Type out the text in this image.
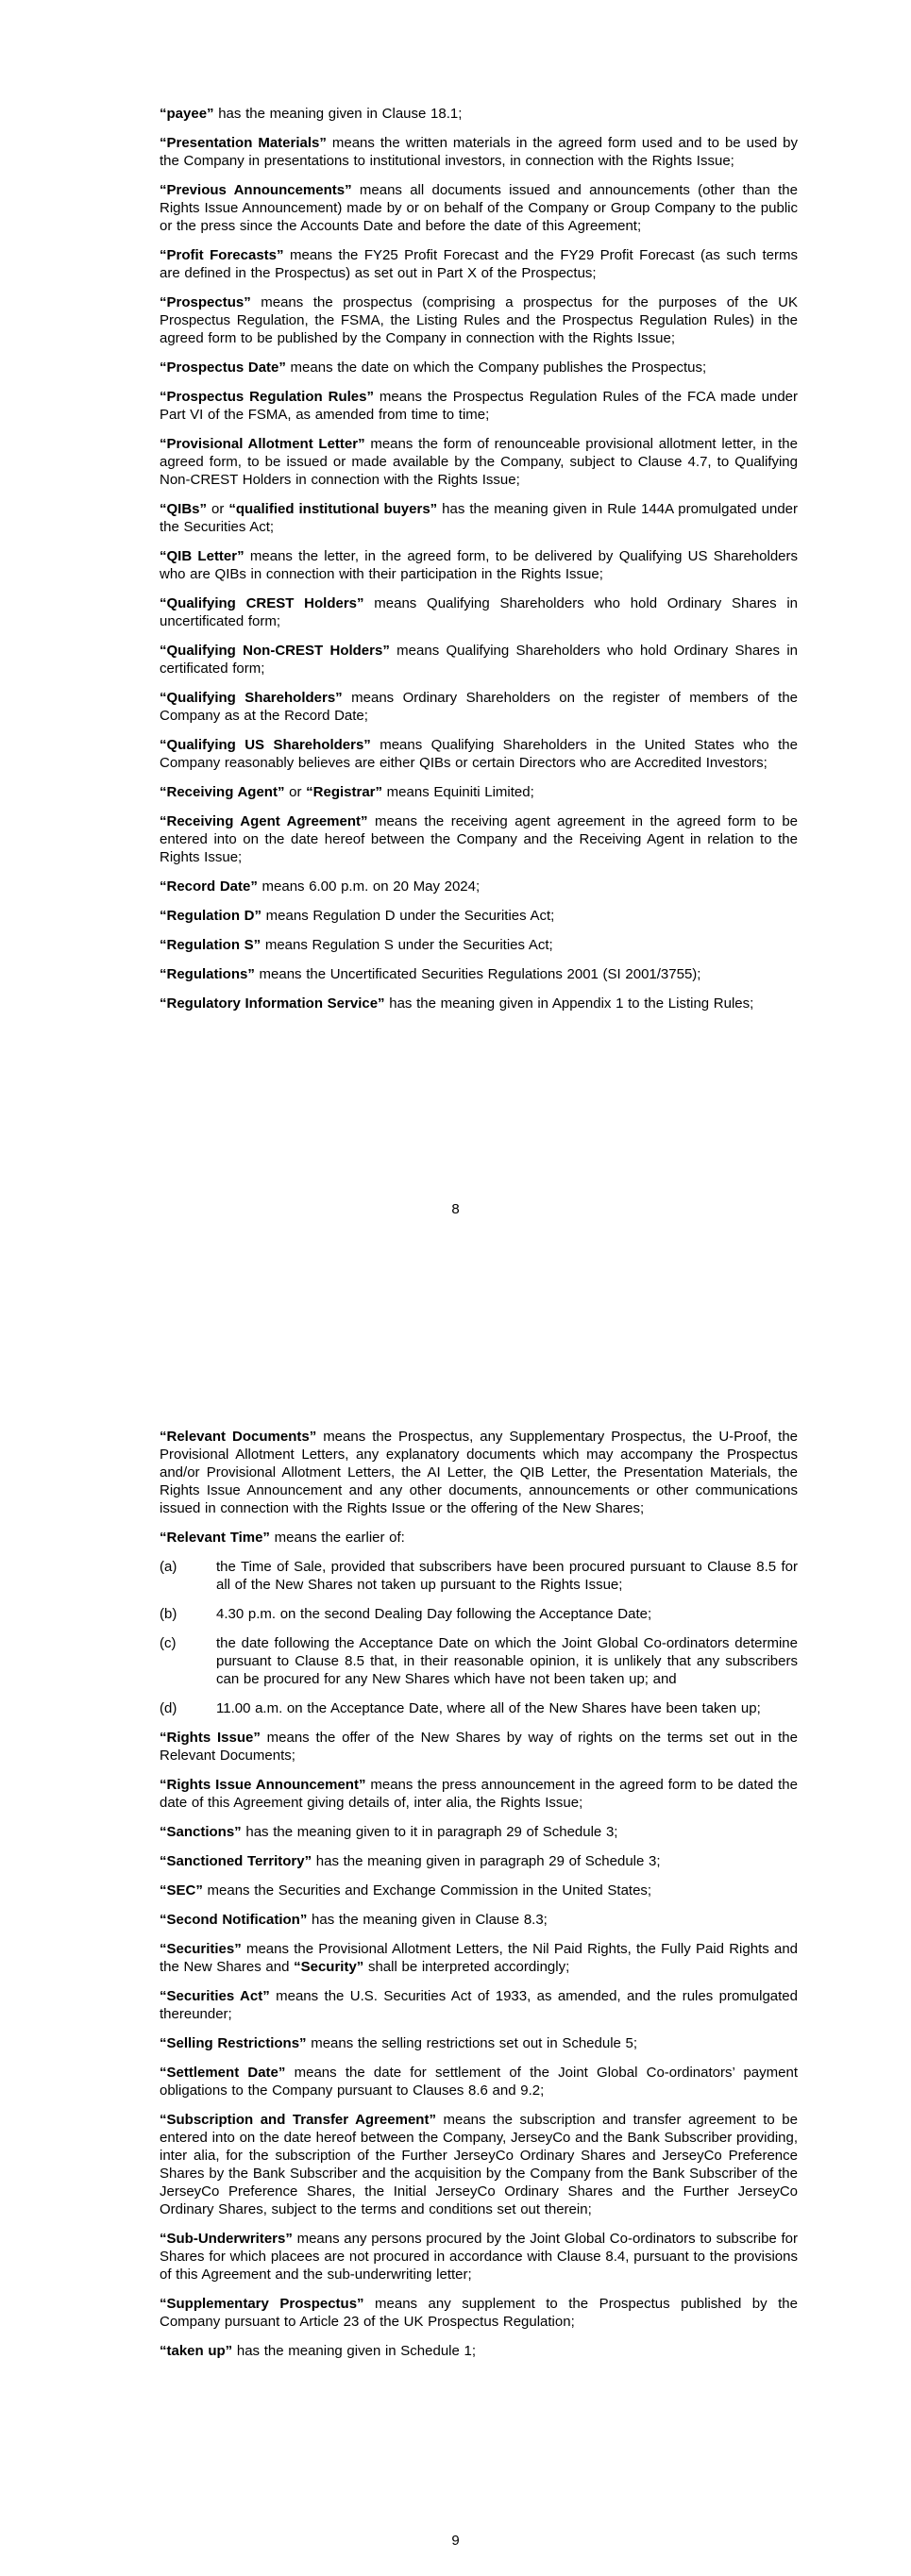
“payee” has the meaning given in Clause 18.1;

“Presentation Materials” means the written materials in the agreed form used and to be used by the Company in presentations to institutional investors, in connection with the Rights Issue;

“Previous Announcements” means all documents issued and announcements (other than the Rights Issue Announcement) made by or on behalf of the Company or Group Company to the public or the press since the Accounts Date and before the date of this Agreement;

“Profit Forecasts” means the FY25 Profit Forecast and the FY29 Profit Forecast (as such terms are defined in the Prospectus) as set out in Part X of the Prospectus;

“Prospectus” means the prospectus (comprising a prospectus for the purposes of the UK Prospectus Regulation, the FSMA, the Listing Rules and the Prospectus Regulation Rules) in the agreed form to be published by the Company in connection with the Rights Issue;

“Prospectus Date” means the date on which the Company publishes the Prospectus;

“Prospectus Regulation Rules” means the Prospectus Regulation Rules of the FCA made under Part VI of the FSMA, as amended from time to time;

“Provisional Allotment Letter” means the form of renounceable provisional allotment letter, in the agreed form, to be issued or made available by the Company, subject to Clause 4.7, to Qualifying Non-CREST Holders in connection with the Rights Issue;

“QIBs” or “qualified institutional buyers” has the meaning given in Rule 144A promulgated under the Securities Act;

“QIB Letter” means the letter, in the agreed form, to be delivered by Qualifying US Shareholders who are QIBs in connection with their participation in the Rights Issue;

“Qualifying CREST Holders” means Qualifying Shareholders who hold Ordinary Shares in uncertificated form;

“Qualifying Non-CREST Holders” means Qualifying Shareholders who hold Ordinary Shares in certificated form;

“Qualifying Shareholders” means Ordinary Shareholders on the register of members of the Company as at the Record Date;

“Qualifying US Shareholders” means Qualifying Shareholders in the United States who the Company reasonably believes are either QIBs or certain Directors who are Accredited Investors;

“Receiving Agent” or “Registrar” means Equiniti Limited;

“Receiving Agent Agreement” means the receiving agent agreement in the agreed form to be entered into on the date hereof between the Company and the Receiving Agent in relation to the Rights Issue;

“Record Date” means 6.00 p.m. on 20 May 2024;

“Regulation D” means Regulation D under the Securities Act;

“Regulation S” means Regulation S under the Securities Act;

“Regulations” means the Uncertificated Securities Regulations 2001 (SI 2001/3755);

“Regulatory Information Service” has the meaning given in Appendix 1 to the Listing Rules;

8

“Relevant Documents” means the Prospectus, any Supplementary Prospectus, the U-Proof, the Provisional Allotment Letters, any explanatory documents which may accompany the Prospectus and/or Provisional Allotment Letters, the AI Letter, the QIB Letter, the Presentation Materials, the Rights Issue Announcement and any other documents, announcements or other communications issued in connection with the Rights Issue or the offering of the New Shares;

“Relevant Time” means the earlier of:

(a)	the Time of Sale, provided that subscribers have been procured pursuant to Clause 8.5 for all of the New Shares not taken up pursuant to the Rights Issue;

(b)	4.30 p.m. on the second Dealing Day following the Acceptance Date;

(c)	the date following the Acceptance Date on which the Joint Global Co-ordinators determine pursuant to Clause 8.5 that, in their reasonable opinion, it is unlikely that any subscribers can be procured for any New Shares which have not been taken up; and

(d)	11.00 a.m. on the Acceptance Date, where all of the New Shares have been taken up;

“Rights Issue” means the offer of the New Shares by way of rights on the terms set out in the Relevant Documents;

“Rights Issue Announcement” means the press announcement in the agreed form to be dated the date of this Agreement giving details of, inter alia, the Rights Issue;

“Sanctions” has the meaning given to it in paragraph 29 of Schedule 3;

“Sanctioned Territory” has the meaning given in paragraph 29 of Schedule 3;

“SEC” means the Securities and Exchange Commission in the United States;

“Second Notification” has the meaning given in Clause 8.3;

“Securities” means the Provisional Allotment Letters, the Nil Paid Rights, the Fully Paid Rights and the New Shares and “Security” shall be interpreted accordingly;

“Securities Act” means the U.S. Securities Act of 1933, as amended, and the rules promulgated thereunder;

“Selling Restrictions” means the selling restrictions set out in Schedule 5;

“Settlement Date” means the date for settlement of the Joint Global Co-ordinators’ payment obligations to the Company pursuant to Clauses 8.6 and 9.2;

“Subscription and Transfer Agreement” means the subscription and transfer agreement to be entered into on the date hereof between the Company, JerseyCo and the Bank Subscriber providing, inter alia, for the subscription of the Further JerseyCo Ordinary Shares and JerseyCo Preference Shares by the Bank Subscriber and the acquisition by the Company from the Bank Subscriber of the JerseyCo Preference Shares, the Initial JerseyCo Ordinary Shares and the Further JerseyCo Ordinary Shares, subject to the terms and conditions set out therein;

“Sub-Underwriters” means any persons procured by the Joint Global Co-ordinators to subscribe for Shares for which placees are not procured in accordance with Clause 8.4, pursuant to the provisions of this Agreement and the sub-underwriting letter;

“Supplementary Prospectus” means any supplement to the Prospectus published by the Company pursuant to Article 23 of the UK Prospectus Regulation;

“taken up” has the meaning given in Schedule 1;

9
